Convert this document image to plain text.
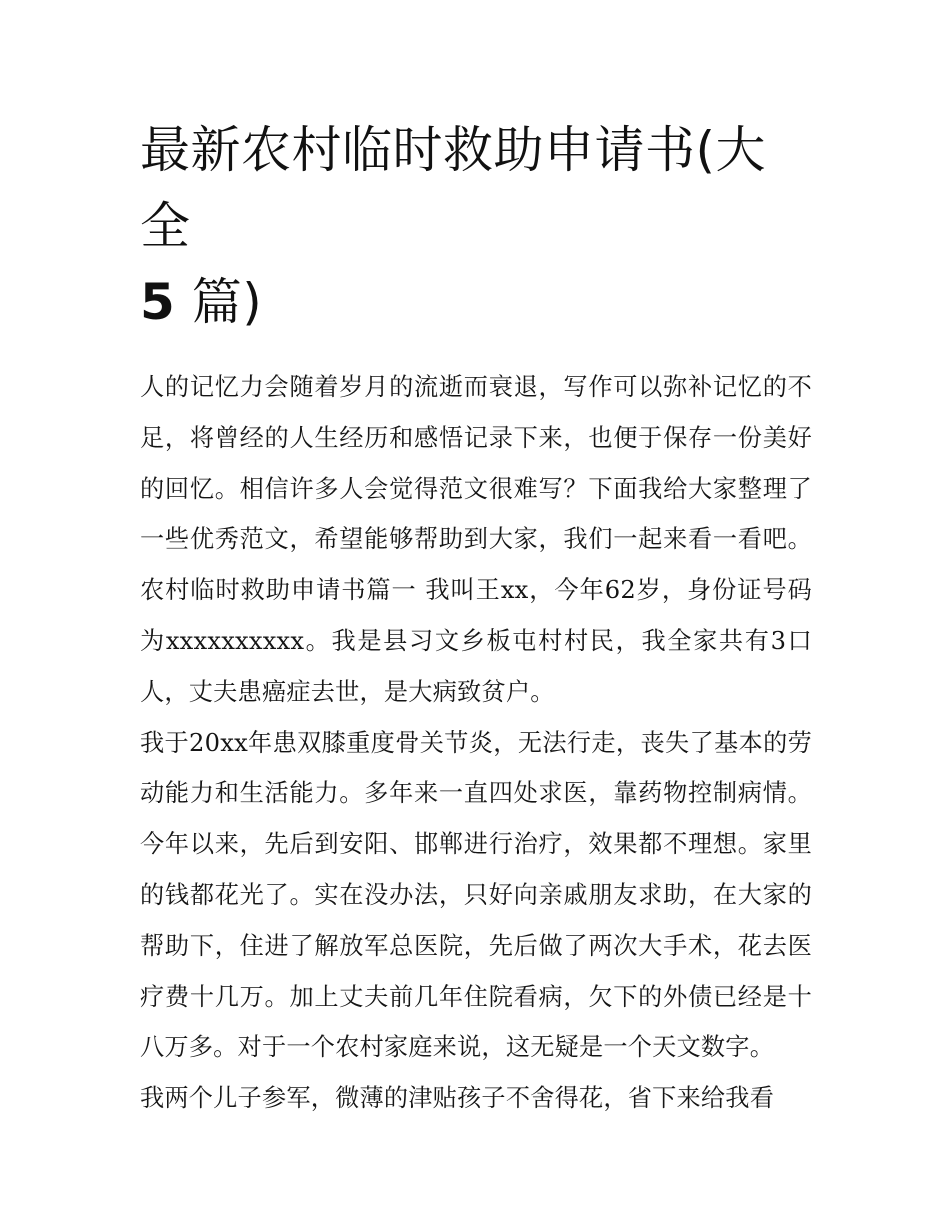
最新农村临时救助申请书(大全
5 篇)

人的记忆力会随着岁月的流逝而衰退，写作可以弥补记忆的不足，将曾经的人生经历和感悟记录下来，也便于保存一份美好的回忆。相信许多人会觉得范文很难写？下面我给大家整理了一些优秀范文，希望能够帮助到大家，我们一起来看一看吧。农村临时救助申请书篇一 我叫王xx，今年62岁，身份证号码为xxxxxxxxxx。我是县习文乡板屯村村民，我全家共有3口人，丈夫患癌症去世，是大病致贫户。

我于20xx年患双膝重度骨关节炎，无法行走，丧失了基本的劳动能力和生活能力。多年来一直四处求医，靠药物控制病情。今年以来，先后到安阳、邯郸进行治疗，效果都不理想。家里的钱都花光了。实在没办法，只好向亲戚朋友求助，在大家的帮助下，住进了解放军总医院，先后做了两次大手术，花去医疗费十几万。加上丈夫前几年住院看病，欠下的外债已经是十八万多。对于一个农村家庭来说，这无疑是一个天文数字。

我两个儿子参军，微薄的津贴孩子不舍得花，省下来给我看
